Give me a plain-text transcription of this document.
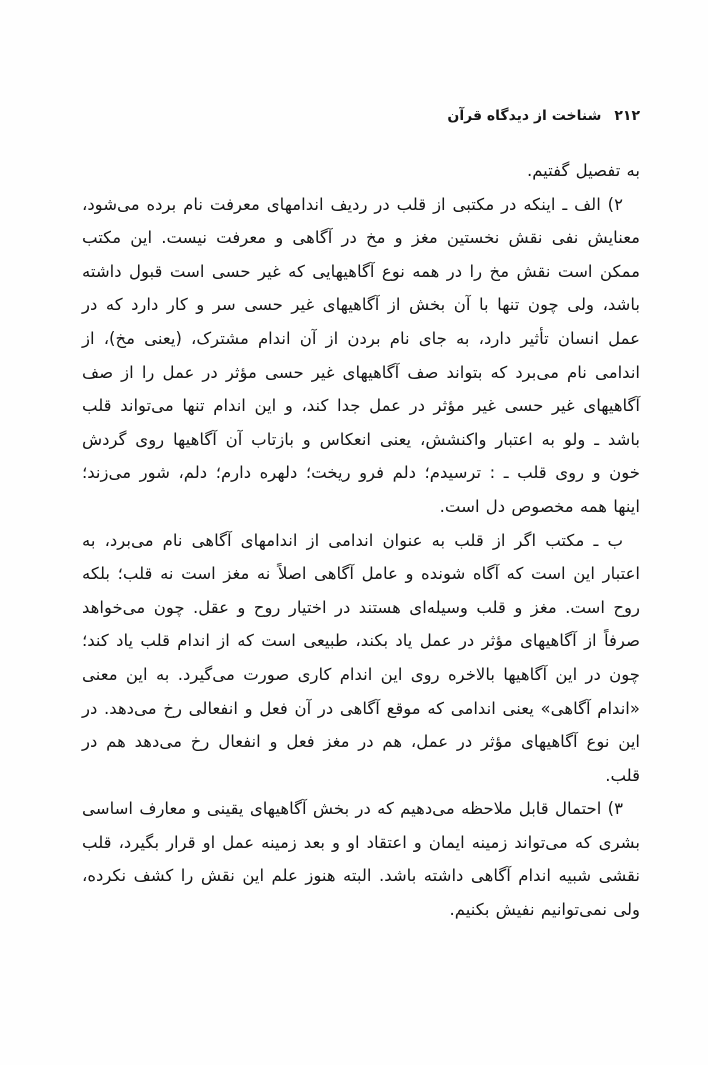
۲۱۲
شناخت از دیدگاه قرآن

به تفصیل گفتیم.

۲) الف ـ اینکه در مکتبی از قلب در ردیف اندامهای معرفت نام برده می‌شود، معنایش نفی نقش نخستین مغز و مخ در آگاهی و معرفت نیست. این مکتب ممکن است نقش مخ را در همه نوع آگاهیهایی که غیر حسی است قبول داشته باشد، ولی چون تنها با آن بخش از آگاهیهای غیر حسی سر و کار دارد که در عمل انسان تأثیر دارد، به جای نام بردن از آن اندام مشترک، (یعنی مخ)، از اندامی نام می‌برد که بتواند صف آگاهیهای غیر حسی مؤثر در عمل را از صف آگاهیهای غیر حسی غیر مؤثر در عمل جدا کند، و این اندام تنها می‌تواند قلب باشد ـ ولو به اعتبار واکنشش، یعنی انعکاس و بازتاب آن آگاهیها روی گردش خون و روی قلب ـ : ترسیدم؛ دلم فرو ریخت؛ دلهره دارم؛ دلم، شور می‌زند؛ اینها همه مخصوص دل است.

ب ـ مکتب اگر از قلب به عنوان اندامی از اندامهای آگاهی نام می‌برد، به اعتبار این است که آگاه شونده و عامل آگاهی اصلاً نه مغز است نه قلب؛ بلکه روح است. مغز و قلب وسیله‌ای هستند در اختیار روح و عقل. چون می‌خواهد صرفاً از آگاهیهای مؤثر در عمل یاد بکند، طبیعی است که از اندام قلب یاد کند؛ چون در این آگاهیها بالاخره روی این اندام کاری صورت می‌گیرد. به این معنی «اندام آگاهی» یعنی اندامی که موقع آگاهی در آن فعل و انفعالی رخ می‌دهد. در این نوع آگاهیهای مؤثر در عمل، هم در مغز فعل و انفعال رخ می‌دهد هم در قلب.

۳) احتمال قابل ملاحظه می‌دهیم که در بخش آگاهیهای یقینی و معارف اساسی بشری که می‌تواند زمینه ایمان و اعتقاد او و بعد زمینه عمل او قرار بگیرد، قلب نقشی شبیه اندام آگاهی داشته باشد. البته هنوز علم این نقش را کشف نکرده، ولی نمی‌توانیم نفیش بکنیم.
